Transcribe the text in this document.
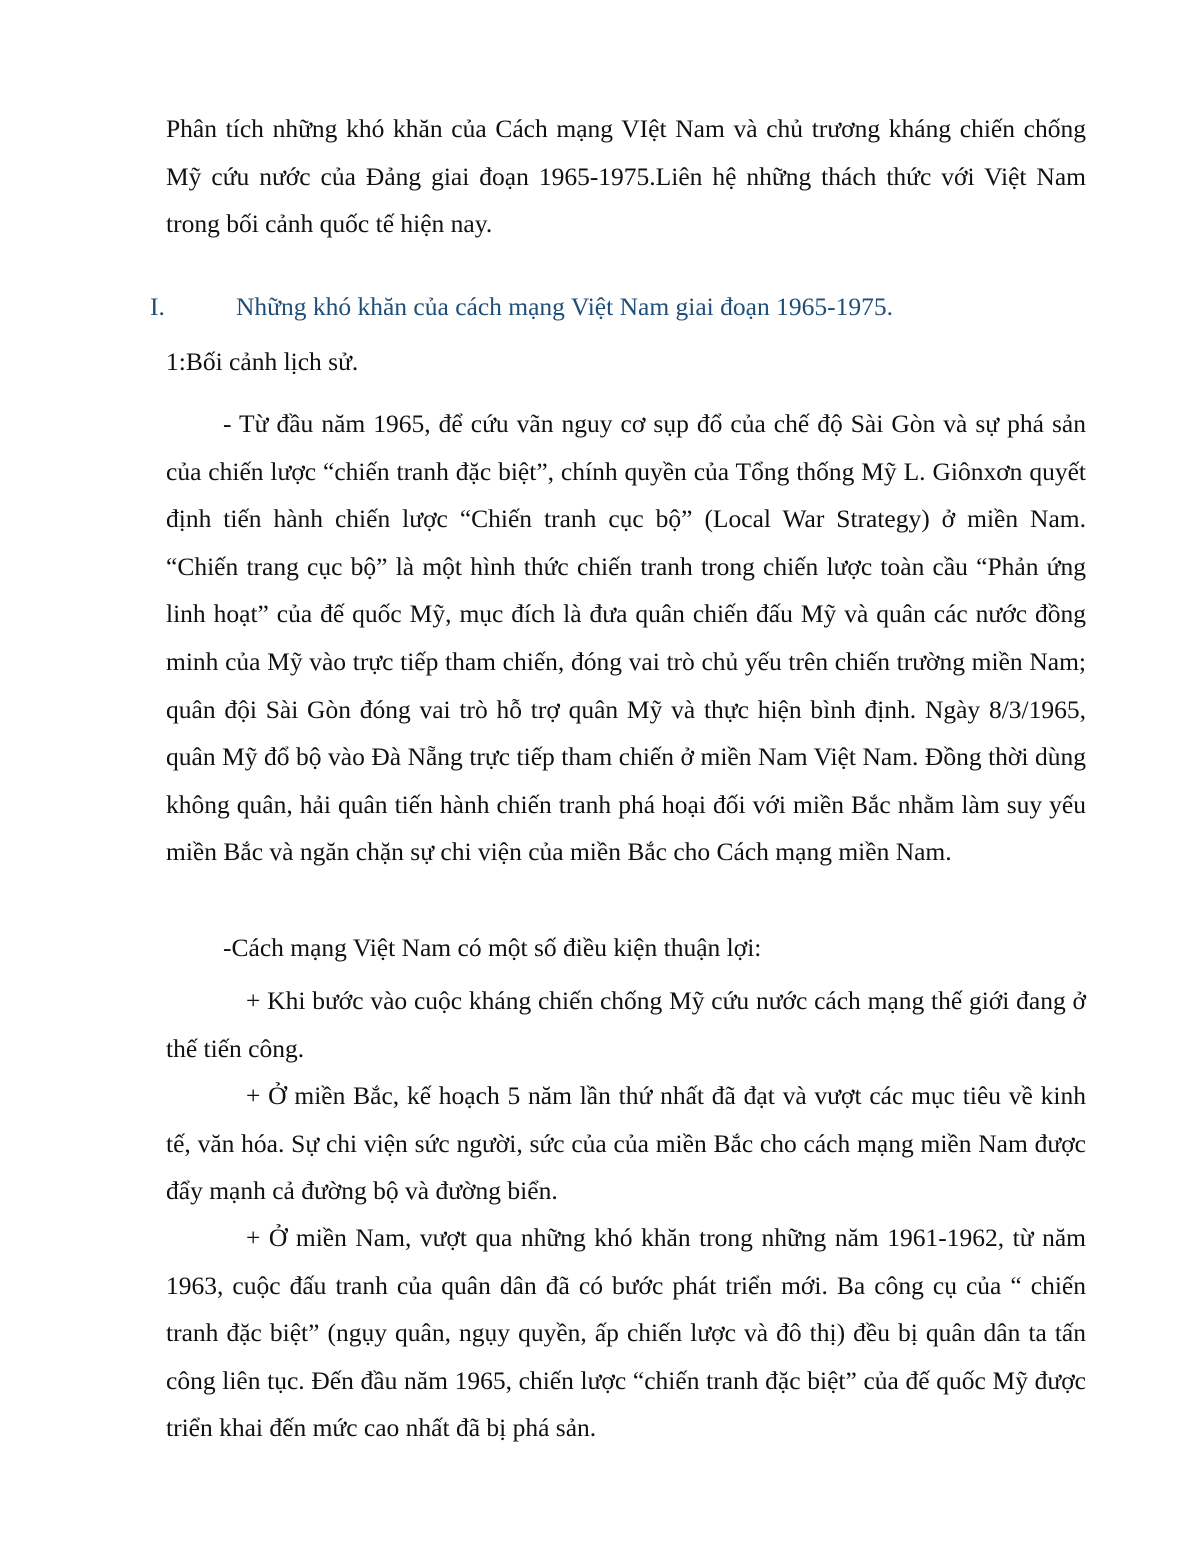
Phân tích những khó khăn của Cách mạng VIệt Nam và chủ trương kháng chiến chống Mỹ cứu nước của Đảng giai đoạn 1965-1975.Liên hệ những thách thức với Việt Nam trong bối cảnh quốc tế hiện nay.

I.	Những khó khăn của cách mạng Việt Nam giai đoạn 1965-1975.

1:Bối cảnh lịch sử.

- Từ đầu năm 1965, để cứu vãn nguy cơ sụp đổ của chế độ Sài Gòn và sự phá sản của chiến lược “chiến tranh đặc biệt”, chính quyền của Tổng thống Mỹ L. Giônxơn quyết định tiến hành chiến lược “Chiến tranh cục bộ” (Local War Strategy) ở miền Nam. “Chiến trang cục bộ” là một hình thức chiến tranh trong chiến lược toàn cầu “Phản ứng linh hoạt” của đế quốc Mỹ, mục đích là đưa quân chiến đấu Mỹ và quân các nước đồng minh của Mỹ vào trực tiếp tham chiến, đóng vai trò chủ yếu trên chiến trường miền Nam; quân đội Sài Gòn đóng vai trò hỗ trợ quân Mỹ và thực hiện bình định. Ngày 8/3/1965, quân Mỹ đổ bộ vào Đà Nẵng trực tiếp tham chiến ở miền Nam Việt Nam. Đồng thời dùng không quân, hải quân tiến hành chiến tranh phá hoại đối với miền Bắc nhằm làm suy yếu miền Bắc và ngăn chặn sự chi viện của miền Bắc cho Cách mạng miền Nam.

-Cách mạng Việt Nam có một số điều kiện thuận lợi:

+ Khi bước vào cuộc kháng chiến chống Mỹ cứu nước cách mạng thế giới đang ở thế tiến công.

+ Ở miền Bắc, kế hoạch 5 năm lần thứ nhất đã đạt và vượt các mục tiêu về kinh tế, văn hóa. Sự chi viện sức người, sức của của miền Bắc cho cách mạng miền Nam được đẩy mạnh cả đường bộ và đường biển.

+ Ở miền Nam, vượt qua những khó khăn trong những năm 1961-1962, từ năm 1963, cuộc đấu tranh của quân dân đã có bước phát triển mới. Ba công cụ của “ chiến tranh đặc biệt” (ngụy quân, ngụy quyền, ấp chiến lược và đô thị) đều bị quân dân ta tấn công liên tục. Đến đầu năm 1965, chiến lược “chiến tranh đặc biệt” của đế quốc Mỹ được triển khai đến mức cao nhất đã bị phá sản.
